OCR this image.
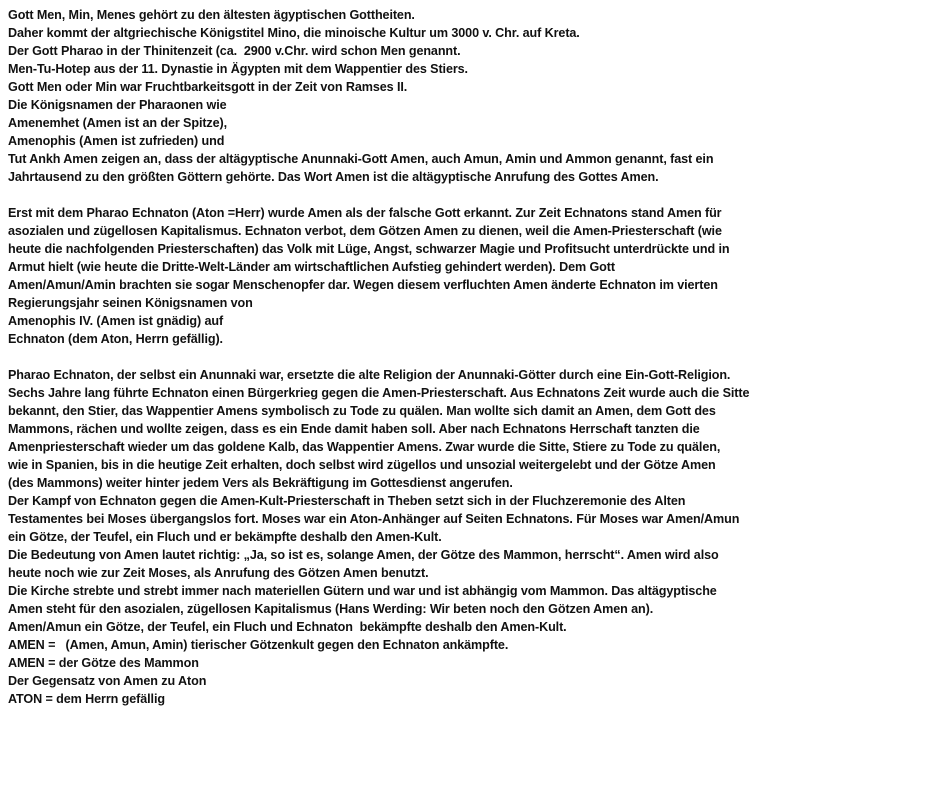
Gott Men, Min, Menes gehört zu den ältesten ägyptischen Gottheiten.
Daher kommt der altgriechische Königstitel Mino, die minoische Kultur um 3000 v. Chr. auf Kreta.
Der Gott Pharao in der Thinitenzeit (ca.  2900 v.Chr. wird schon Men genannt.
Men-Tu-Hotep aus der 11. Dynastie in Ägypten mit dem Wappentier des Stiers.
Gott Men oder Min war Fruchtbarkeitsgott in der Zeit von Ramses II.
Die Königsnamen der Pharaonen wie
Amenemhet (Amen ist an der Spitze),
Amenophis (Amen ist zufrieden) und
Tut Ankh Amen zeigen an, dass der altägyptische Anunnaki-Gott Amen, auch Amun, Amin und Ammon genannt, fast ein
Jahrtausend zu den größten Göttern gehörte. Das Wort Amen ist die altägyptische Anrufung des Gottes Amen.
Erst mit dem Pharao Echnaton (Aton =Herr) wurde Amen als der falsche Gott erkannt. Zur Zeit Echnatons stand Amen für
asozialen und zügellosen Kapitalismus. Echnaton verbot, dem Götzen Amen zu dienen, weil die Amen-Priesterschaft (wie
heute die nachfolgenden Priesterschaften) das Volk mit Lüge, Angst, schwarzer Magie und Profitsucht unterdrückte und in
Armut hielt (wie heute die Dritte-Welt-Länder am wirtschaftlichen Aufstieg gehindert werden). Dem Gott
Amen/Amun/Amin brachten sie sogar Menschenopfer dar. Wegen diesem verfluchten Amen änderte Echnaton im vierten
Regierungsjahr seinen Königsnamen von
Amenophis IV. (Amen ist gnädig) auf
Echnaton (dem Aton, Herrn gefällig).
Pharao Echnaton, der selbst ein Anunnaki war, ersetzte die alte Religion der Anunnaki-Götter durch eine Ein-Gott-Religion.
Sechs Jahre lang führte Echnaton einen Bürgerkrieg gegen die Amen-Priesterschaft. Aus Echnatons Zeit wurde auch die Sitte
bekannt, den Stier, das Wappentier Amens symbolisch zu Tode zu quälen. Man wollte sich damit an Amen, dem Gott des
Mammons, rächen und wollte zeigen, dass es ein Ende damit haben soll. Aber nach Echnatons Herrschaft tanzten die
Amenpriesterschaft wieder um das goldene Kalb, das Wappentier Amens. Zwar wurde die Sitte, Stiere zu Tode zu quälen,
wie in Spanien, bis in die heutige Zeit erhalten, doch selbst wird zügellos und unsozial weitergelebt und der Götze Amen
(des Mammons) weiter hinter jedem Vers als Bekräftigung im Gottesdienst angerufen.
Der Kampf von Echnaton gegen die Amen-Kult-Priesterschaft in Theben setzt sich in der Fluchzeremonie des Alten
Testamentes bei Moses übergangslos fort. Moses war ein Aton-Anhänger auf Seiten Echnatons. Für Moses war Amen/Amun
ein Götze, der Teufel, ein Fluch und er bekämpfte deshalb den Amen-Kult.
Die Bedeutung von Amen lautet richtig: „Ja, so ist es, solange Amen, der Götze des Mammon, herrscht“. Amen wird also
heute noch wie zur Zeit Moses, als Anrufung des Götzen Amen benutzt.
Die Kirche strebte und strebt immer nach materiellen Gütern und war und ist abhängig vom Mammon. Das altägyptische
Amen steht für den asozialen, zügellosen Kapitalismus (Hans Werding: Wir beten noch den Götzen Amen an).
Amen/Amun ein Götze, der Teufel, ein Fluch und Echnaton  bekämpfte deshalb den Amen-Kult.
AMEN =   (Amen, Amun, Amin) tierischer Götzenkult gegen den Echnaton ankämpfte.
AMEN = der Götze des Mammon
Der Gegensatz von Amen zu Aton
ATON = dem Herrn gefällig
